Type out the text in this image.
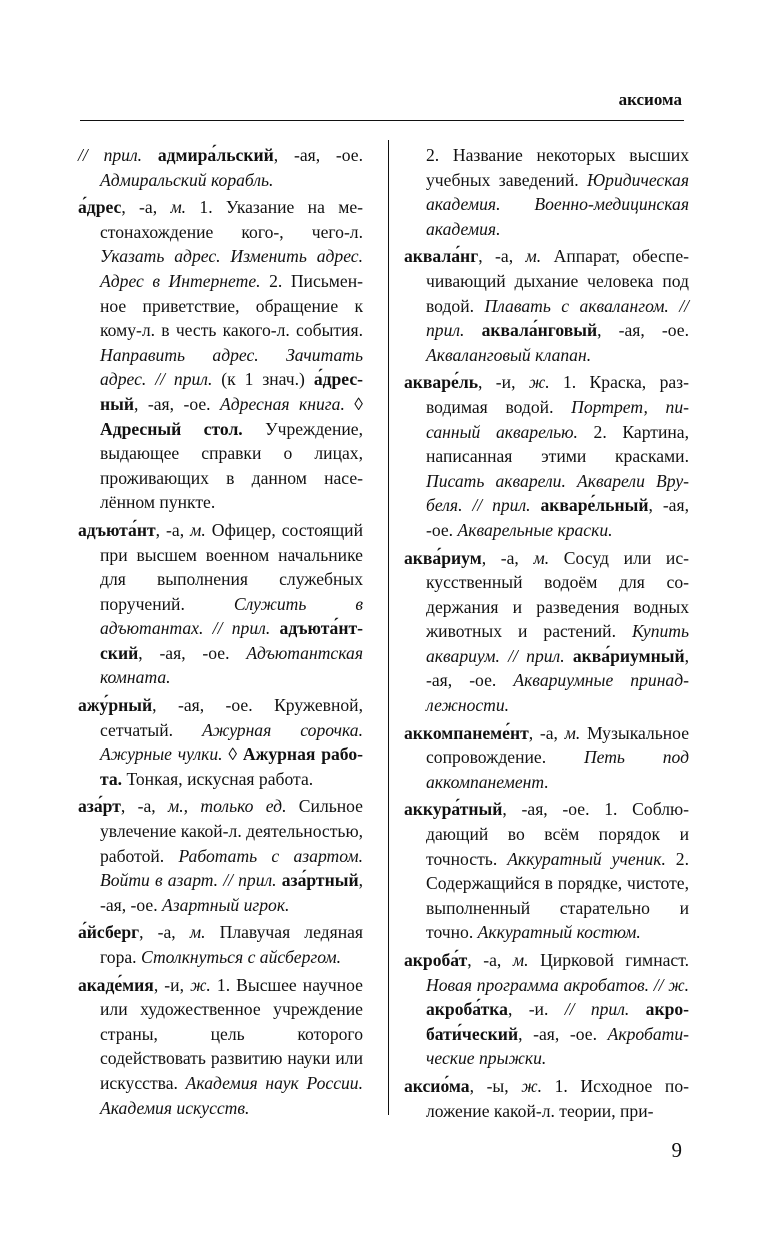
аксиома

// прил. адмира́льский, -ая, -ое. Адмиральский корабль.

а́дрес, -а, м. 1. Указание на местонахождение кого-, чего-л. Указать адрес. Изменить адрес. Адрес в Интернете. 2. Письменное приветствие, обращение к кому-л. в честь какого-л. события. Направить адрес. Зачитать адрес. // прил. (к 1 знач.) а́дресный, -ая, -ое. Адресная книга. ◊ Адресный стол. Учреждение, выдающее справки о лицах, проживающих в данном населённом пункте.

адъюта́нт, -а, м. Офицер, состоящий при высшем военном начальнике для выполнения служебных поручений. Служить в адъютантах. // прил. адъюта́нтский, -ая, -ое. Адъютантская комната.

ажу́рный, -ая, -ое. Кружевной, сетчатый. Ажурная сорочка. Ажурные чулки. ◊ Ажурная работа. Тонкая, искусная работа.

аза́рт, -а, м., только ед. Сильное увлечение какой-л. деятельностью, работой. Работать с азартом. Войти в азарт. // прил. аза́ртный, -ая, -ое. Азартный игрок.

а́йсберг, -а, м. Плавучая ледяная гора. Столкнуться с айсбергом.

акаде́мия, -и, ж. 1. Высшее научное или художественное учреждение страны, цель которого содействовать развитию науки или искусства. Академия наук России. Академия искусств.

2. Название некоторых высших учебных заведений. Юридическая академия. Военно-медицинская академия.

аквала́нг, -а, м. Аппарат, обеспечивающий дыхание человека под водой. Плавать с аквалангом. //прил. аквала́нговый, -ая, -ое. Акваланговый клапан.

акваре́ль, -и, ж. 1. Краска, разводимая водой. Портрет, писанный акварелью. 2. Картина, написанная этими красками. Писать акварели. Акварели Врубеля. // прил. акваре́льный, -ая, -ое. Акварельные краски.

аква́риум, -а, м. Сосуд или искусственный водоём для содержания и разведения водных животных и растений. Купить аквариум. // прил. аква́риумный, -ая, -ое. Аквариумные принадлежности.

аккомпанеме́нт, -а, м. Музыкальное сопровождение. Петь под аккомпанемент.

аккура́тный, -ая, -ое. 1. Соблюдающий во всём порядок и точность. Аккуратный ученик. 2. Содержащийся в порядке, чистоте, выполненный старательно и точно. Аккуратный костюм.

акроба́т, -а, м. Цирковой гимнаст. Новая программа акробатов. // ж. акроба́тка, -и. // прил. акробати́ческий, -ая, -ое. Акробатические прыжки.

аксио́ма, -ы, ж. 1. Исходное положение какой-л. теории, при-

9
